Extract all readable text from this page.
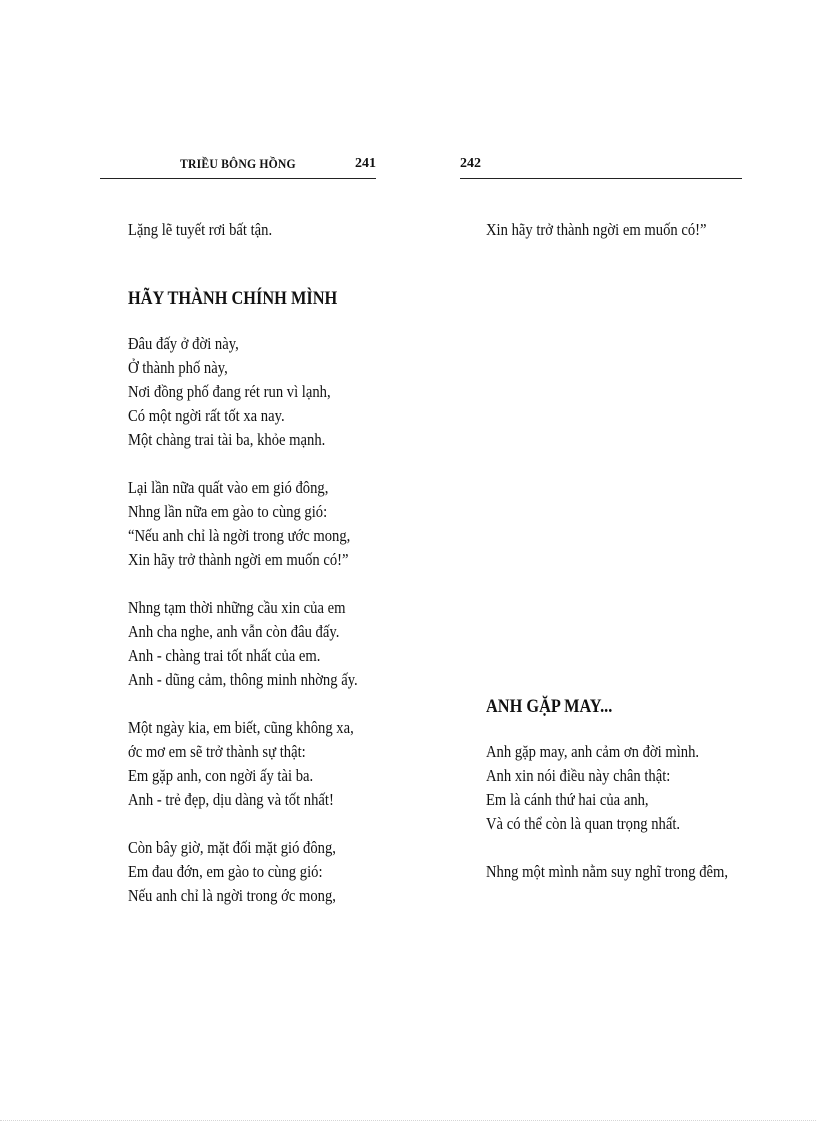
TRIỀU BÔNG HỒNG	241
Lặng lẽ tuyết rơi bất tận.
HÃY THÀNH CHÍNH MÌNH
Đâu đấy ở đời này,
Ở thành phố này,
Nơi đồng phố đang rét run vì lạnh,
Có một ngời rất tốt xa nay.
Một chàng trai tài ba, khỏe mạnh.
Lại lần nữa quất vào em gió đông,
Nhng lần nữa em gào to cùng gió:
“Nếu anh chỉ là ngời trong ước mong,
Xin hãy trở thành ngời em muốn có!”
Nhng tạm thời những cầu xin của em
Anh cha nghe, anh vẫn còn đâu đấy.
Anh - chàng trai tốt nhất của em.
Anh - dũng cảm, thông minh nhờng ấy.
Một ngày kia, em biết, cũng không xa,
ớc mơ em sẽ trở thành sự thật:
Em gặp anh, con ngời ấy tài ba.
Anh - trẻ đẹp, dịu dàng và tốt nhất!
Còn bây giờ, mặt đối mặt gió đông,
Em đau đớn, em gào to cùng gió:
Nếu anh chỉ là ngời trong ớc mong,
242
Xin hãy trở thành ngời em muốn có!”
ANH GẶP MAY...
Anh gặp may, anh cảm ơn đời mình.
Anh xin nói điều này chân thật:
Em là cánh thứ hai của anh,
Và có thể còn là quan trọng nhất.
Nhng một mình nằm suy nghĩ trong đêm,
